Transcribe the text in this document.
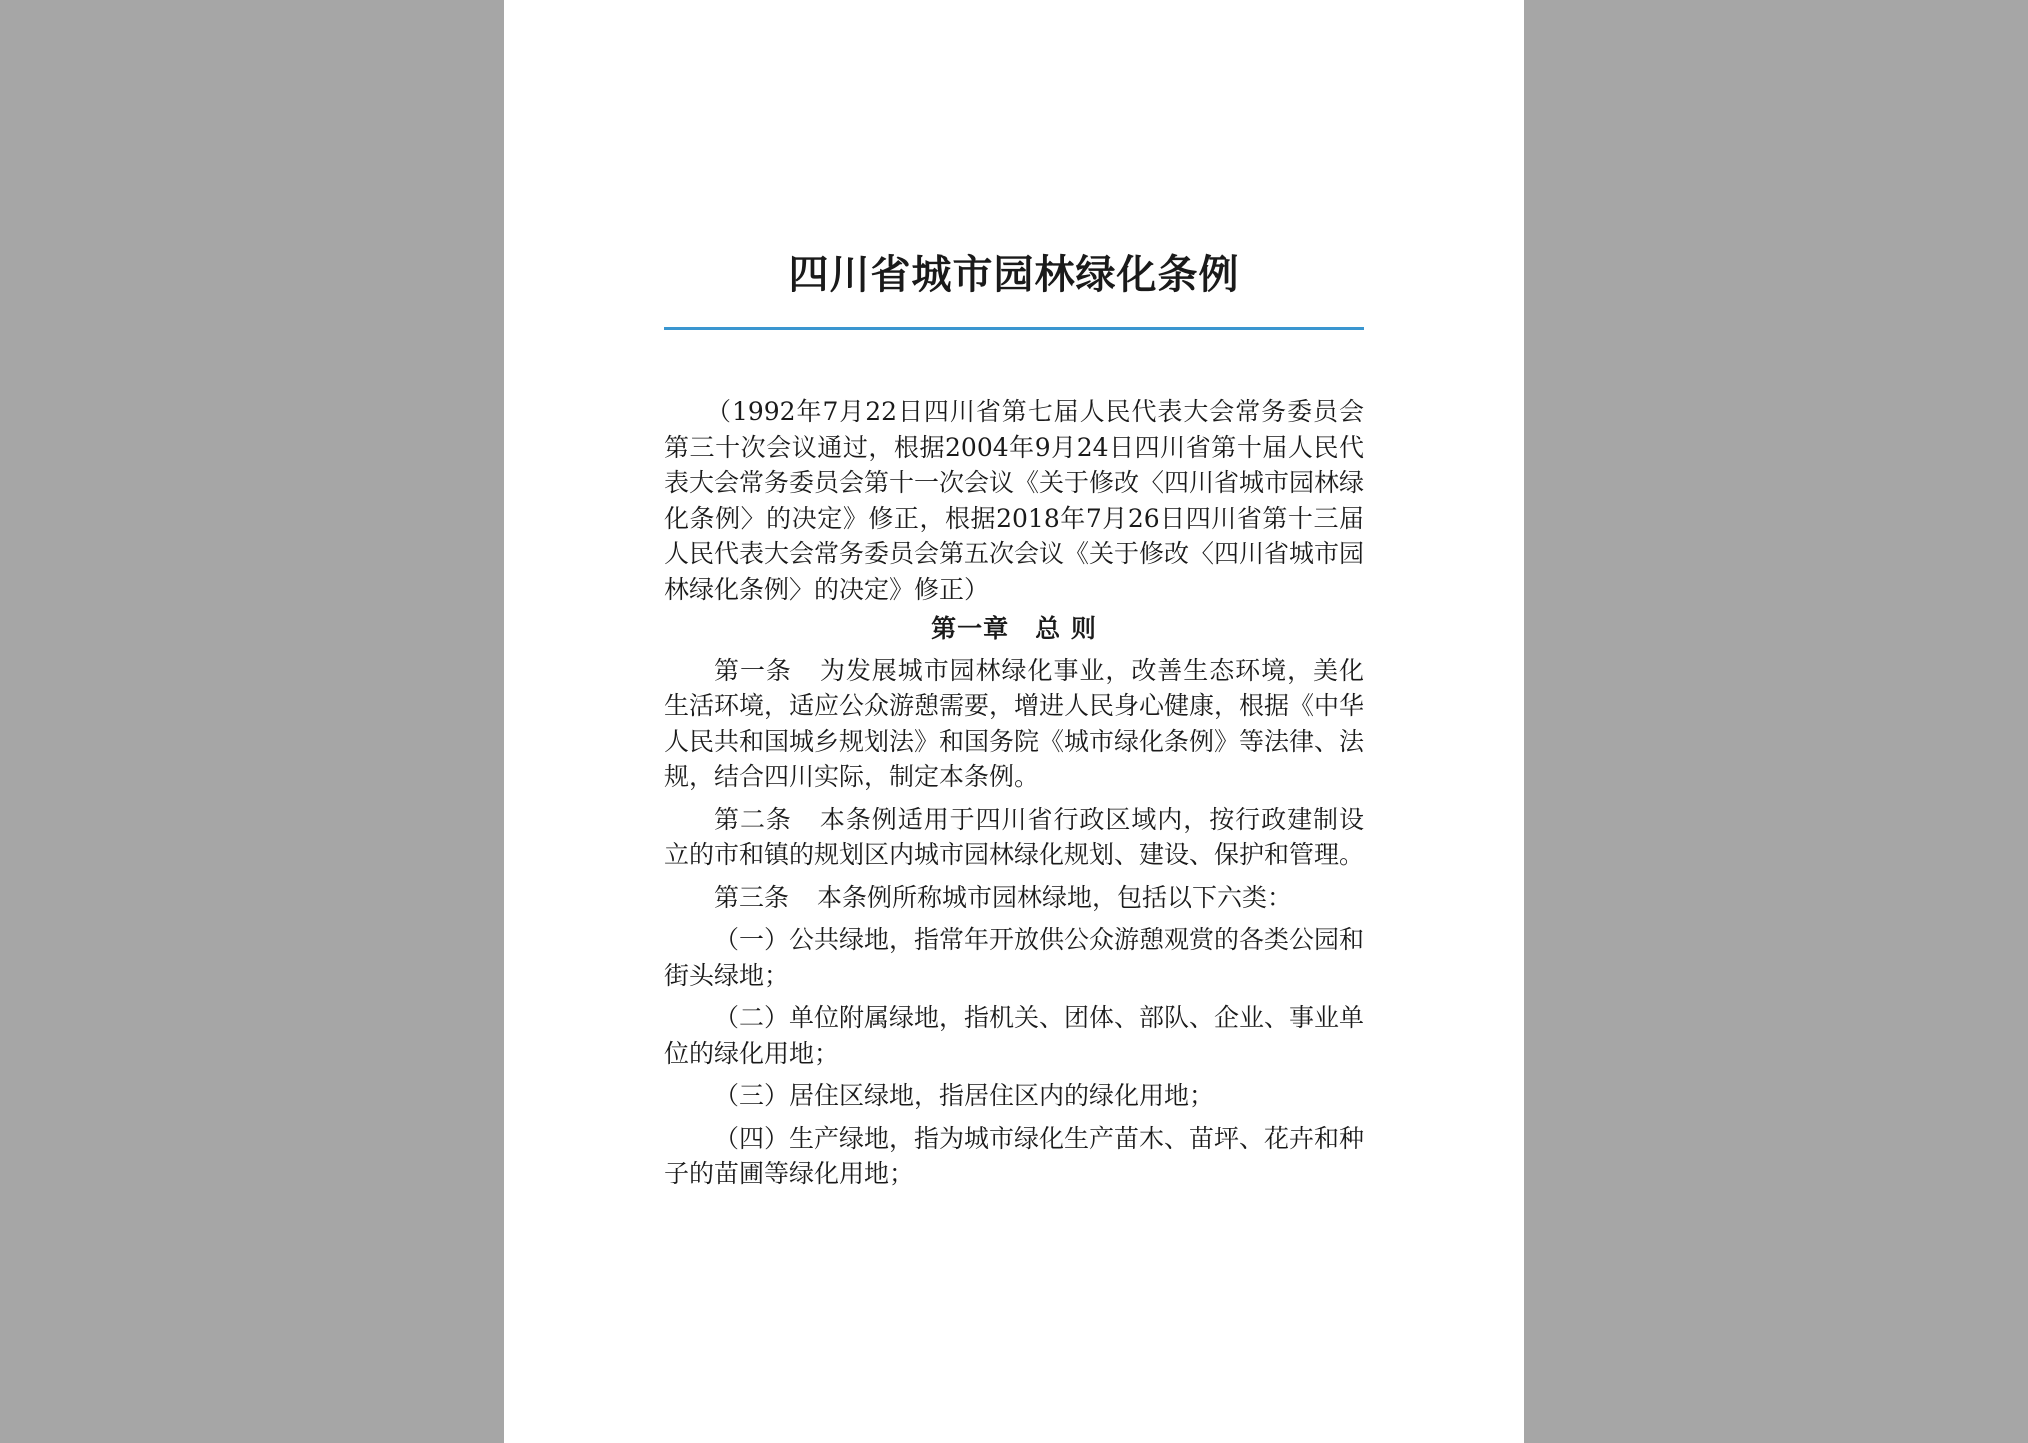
四川省城市园林绿化条例

（1992年7月22日四川省第七届人民代表大会常务委员会第三十次会议通过，根据2004年9月24日四川省第十届人民代表大会常务委员会第十一次会议《关于修改〈四川省城市园林绿化条例〉的决定》修正，根据2018年7月26日四川省第十三届人民代表大会常务委员会第五次会议《关于修改〈四川省城市园林绿化条例〉的决定》修正）

第一章　总 则

第一条 为发展城市园林绿化事业，改善生态环境，美化生活环境，适应公众游憩需要，增进人民身心健康，根据《中华人民共和国城乡规划法》和国务院《城市绿化条例》等法律、法规，结合四川实际，制定本条例。

第二条 本条例适用于四川省行政区域内，按行政建制设立的市和镇的规划区内城市园林绿化规划、建设、保护和管理。

第三条 本条例所称城市园林绿地，包括以下六类：

（一）公共绿地，指常年开放供公众游憩观赏的各类公园和街头绿地；

（二）单位附属绿地，指机关、团体、部队、企业、事业单位的绿化用地；

（三）居住区绿地，指居住区内的绿化用地；

（四）生产绿地，指为城市绿化生产苗木、苗坪、花卉和种子的苗圃等绿化用地；
